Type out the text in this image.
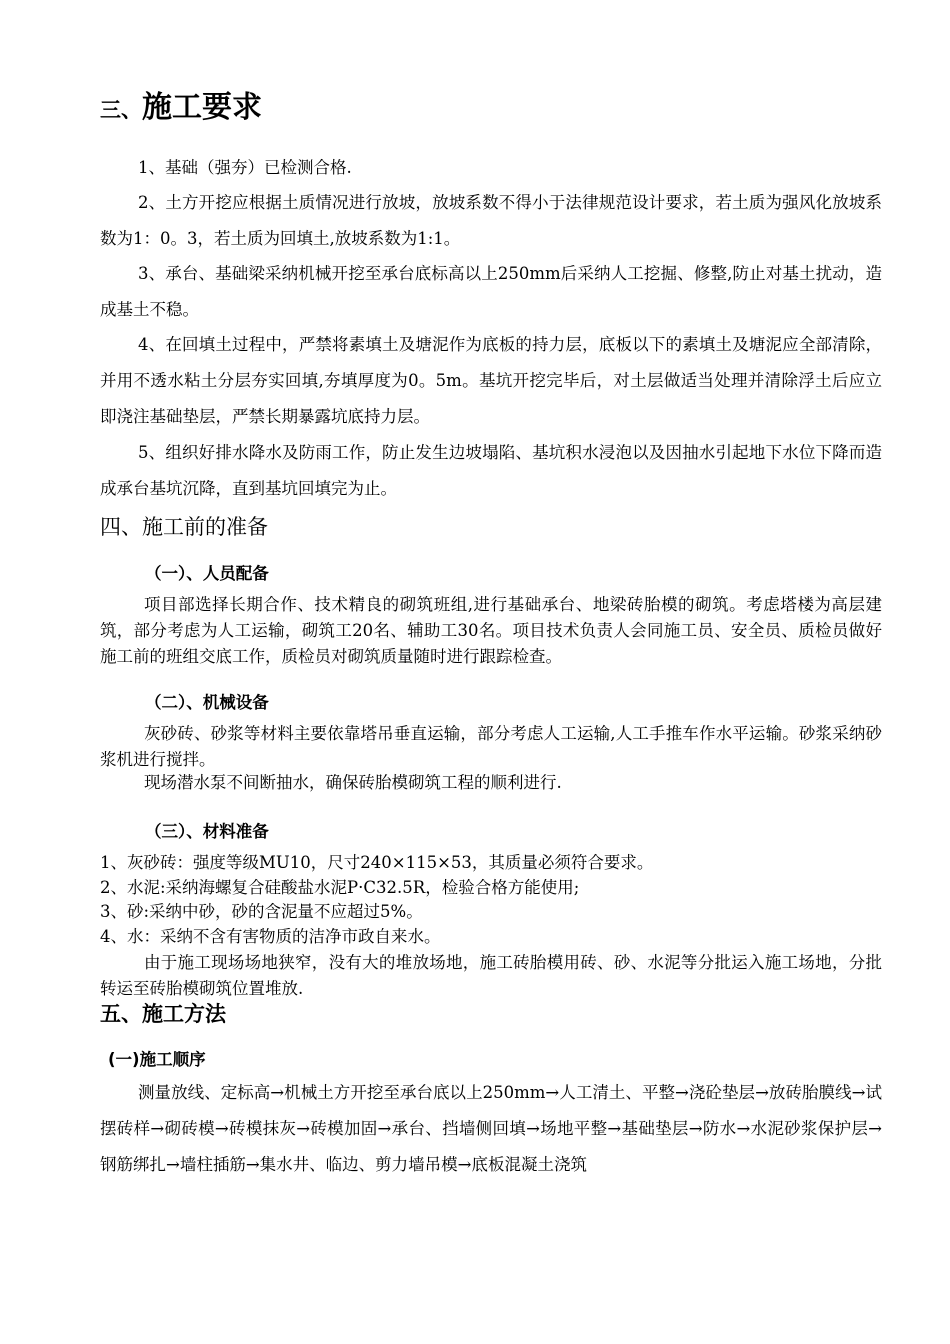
三、施工要求

1、基础（强夯）已检测合格.

2、土方开挖应根据土质情况进行放坡，放坡系数不得小于法律规范设计要求，若土质为强风化放坡系数为1：0。3，若土质为回填土,放坡系数为1:1。

3、承台、基础梁采纳机械开挖至承台底标高以上250mm后采纳人工挖掘、修整,防止对基土扰动，造成基土不稳。

4、在回填土过程中，严禁将素填土及塘泥作为底板的持力层，底板以下的素填土及塘泥应全部清除，并用不透水粘土分层夯实回填,夯填厚度为0。5m。基坑开挖完毕后，对土层做适当处理并清除浮土后应立即浇注基础垫层，严禁长期暴露坑底持力层。

5、组织好排水降水及防雨工作，防止发生边坡塌陷、基坑积水浸泡以及因抽水引起地下水位下降而造成承台基坑沉降，直到基坑回填完为止。

四、施工前的准备
（一）、人员配备

项目部选择长期合作、技术精良的砌筑班组,进行基础承台、地梁砖胎模的砌筑。考虑塔楼为高层建筑，部分考虑为人工运输，砌筑工20名、辅助工30名。项目技术负责人会同施工员、安全员、质检员做好施工前的班组交底工作，质检员对砌筑质量随时进行跟踪检查。

（二）、机械设备

灰砂砖、砂浆等材料主要依靠塔吊垂直运输，部分考虑人工运输,人工手推车作水平运输。砂浆采纳砂浆机进行搅拌。

现场潜水泵不间断抽水，确保砖胎模砌筑工程的顺利进行.

（三）、材料准备
1、灰砂砖：强度等级MU10，尺寸240×115×53，其质量必须符合要求。
2、水泥:采纳海螺复合硅酸盐水泥P·C32.5R，检验合格方能使用;
3、砂:采纳中砂，砂的含泥量不应超过5%。
4、水：采纳不含有害物质的洁净市政自来水。

由于施工现场场地狭窄，没有大的堆放场地，施工砖胎模用砖、砂、水泥等分批运入施工场地，分批转运至砖胎模砌筑位置堆放.

五、施工方法
(一)施工顺序

测量放线、定标高→机械土方开挖至承台底以上250mm→人工清土、平整→浇砼垫层→放砖胎膜线→试摆砖样→砌砖模→砖模抹灰→砖模加固→承台、挡墙侧回填→场地平整→基础垫层→防水→水泥砂浆保护层→钢筋绑扎→墙柱插筋→集水井、临边、剪力墙吊模→底板混凝土浇筑
